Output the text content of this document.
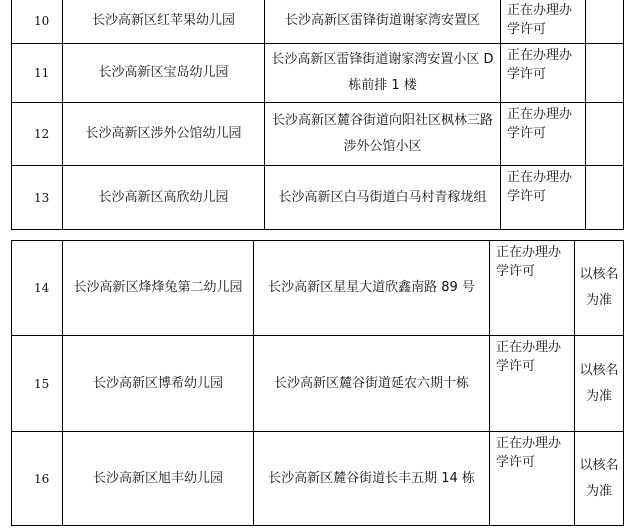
10	长沙高新区红苹果幼儿园	长沙高新区雷锋街道谢家湾安置区	正在办理办学许可	
11	长沙高新区宝岛幼儿园	长沙高新区雷锋街道谢家湾安置小区 D 栋前排 1 楼	正在办理办学许可	
12	长沙高新区涉外公馆幼儿园	长沙高新区麓谷街道向阳社区枫林三路涉外公馆小区	正在办理办学许可	
13	长沙高新区高欣幼儿园	长沙高新区白马街道白马村青稼垅组	正在办理办学许可	
14	长沙高新区烽烽兔第二幼儿园	长沙高新区星星大道欣鑫南路 89 号	正在办理办学许可	以核名为准
15	长沙高新区博希幼儿园	长沙高新区麓谷街道延农六期十栋	正在办理办学许可	以核名为准
16	长沙高新区旭丰幼儿园	长沙高新区麓谷街道长丰五期 14 栋	正在办理办学许可	以核名为准
